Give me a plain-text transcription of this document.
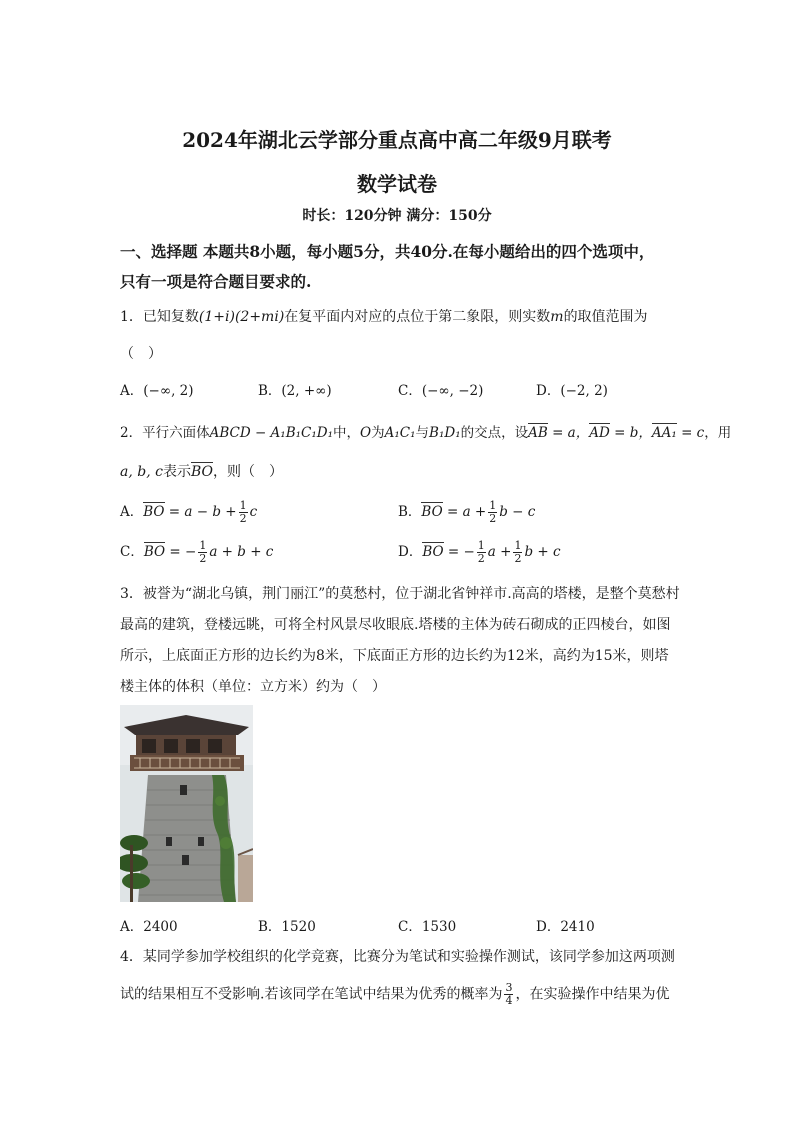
2024年湖北云学部分重点高中高二年级9月联考
数学试卷
时长：120分钟 满分：150分
一、选择题 本题共8小题，每小题5分，共40分.在每小题给出的四个选项中，
只有一项是符合题目要求的.
1．已知复数(1+i)(2+mi)在复平面内对应的点位于第二象限，则实数m的取值范围为
（　）
A．(−∞, 2)	B．(2, +∞)	C．(−∞, −2)	D．(−2, 2)
2．平行六面体ABCD − A₁B₁C₁D₁中，O为A₁C₁与B₁D₁的交点，设AB = a，AD = b，AA₁ = c，用
a, b, c表示BO，则（　）
A．BO = $a - b + \frac{1}{2}$ c	B．BO = $a + \frac{1}{2}$ b − c
C．BO = − $\frac{1}{2}$ a + b + c	D．BO = − $\frac{1}{2}$ $a + \frac{1}{2}$ b + c
3．被誉为“湖北乌镇，荆门丽江”的莫愁村，位于湖北省钟祥市.高高的塔楼，是整个莫愁村
最高的建筑，登楼远眺，可将全村风景尽收眼底.塔楼的主体为砖石砌成的正四棱台，如图
所示，上底面正方形的边长约为8米，下底面正方形的边长约为12米，高约为15米，则塔
楼主体的体积（单位：立方米）约为（　）
A．2400	B．1520	C．1530	D．2410
4．某同学参加学校组织的化学竞赛，比赛分为笔试和实验操作测试，该同学参加这两项测
试的结果相互不受影响.若该同学在笔试中结果为优秀的概率为 $\frac{3}{4}$ ，在实验操作中结果为优
